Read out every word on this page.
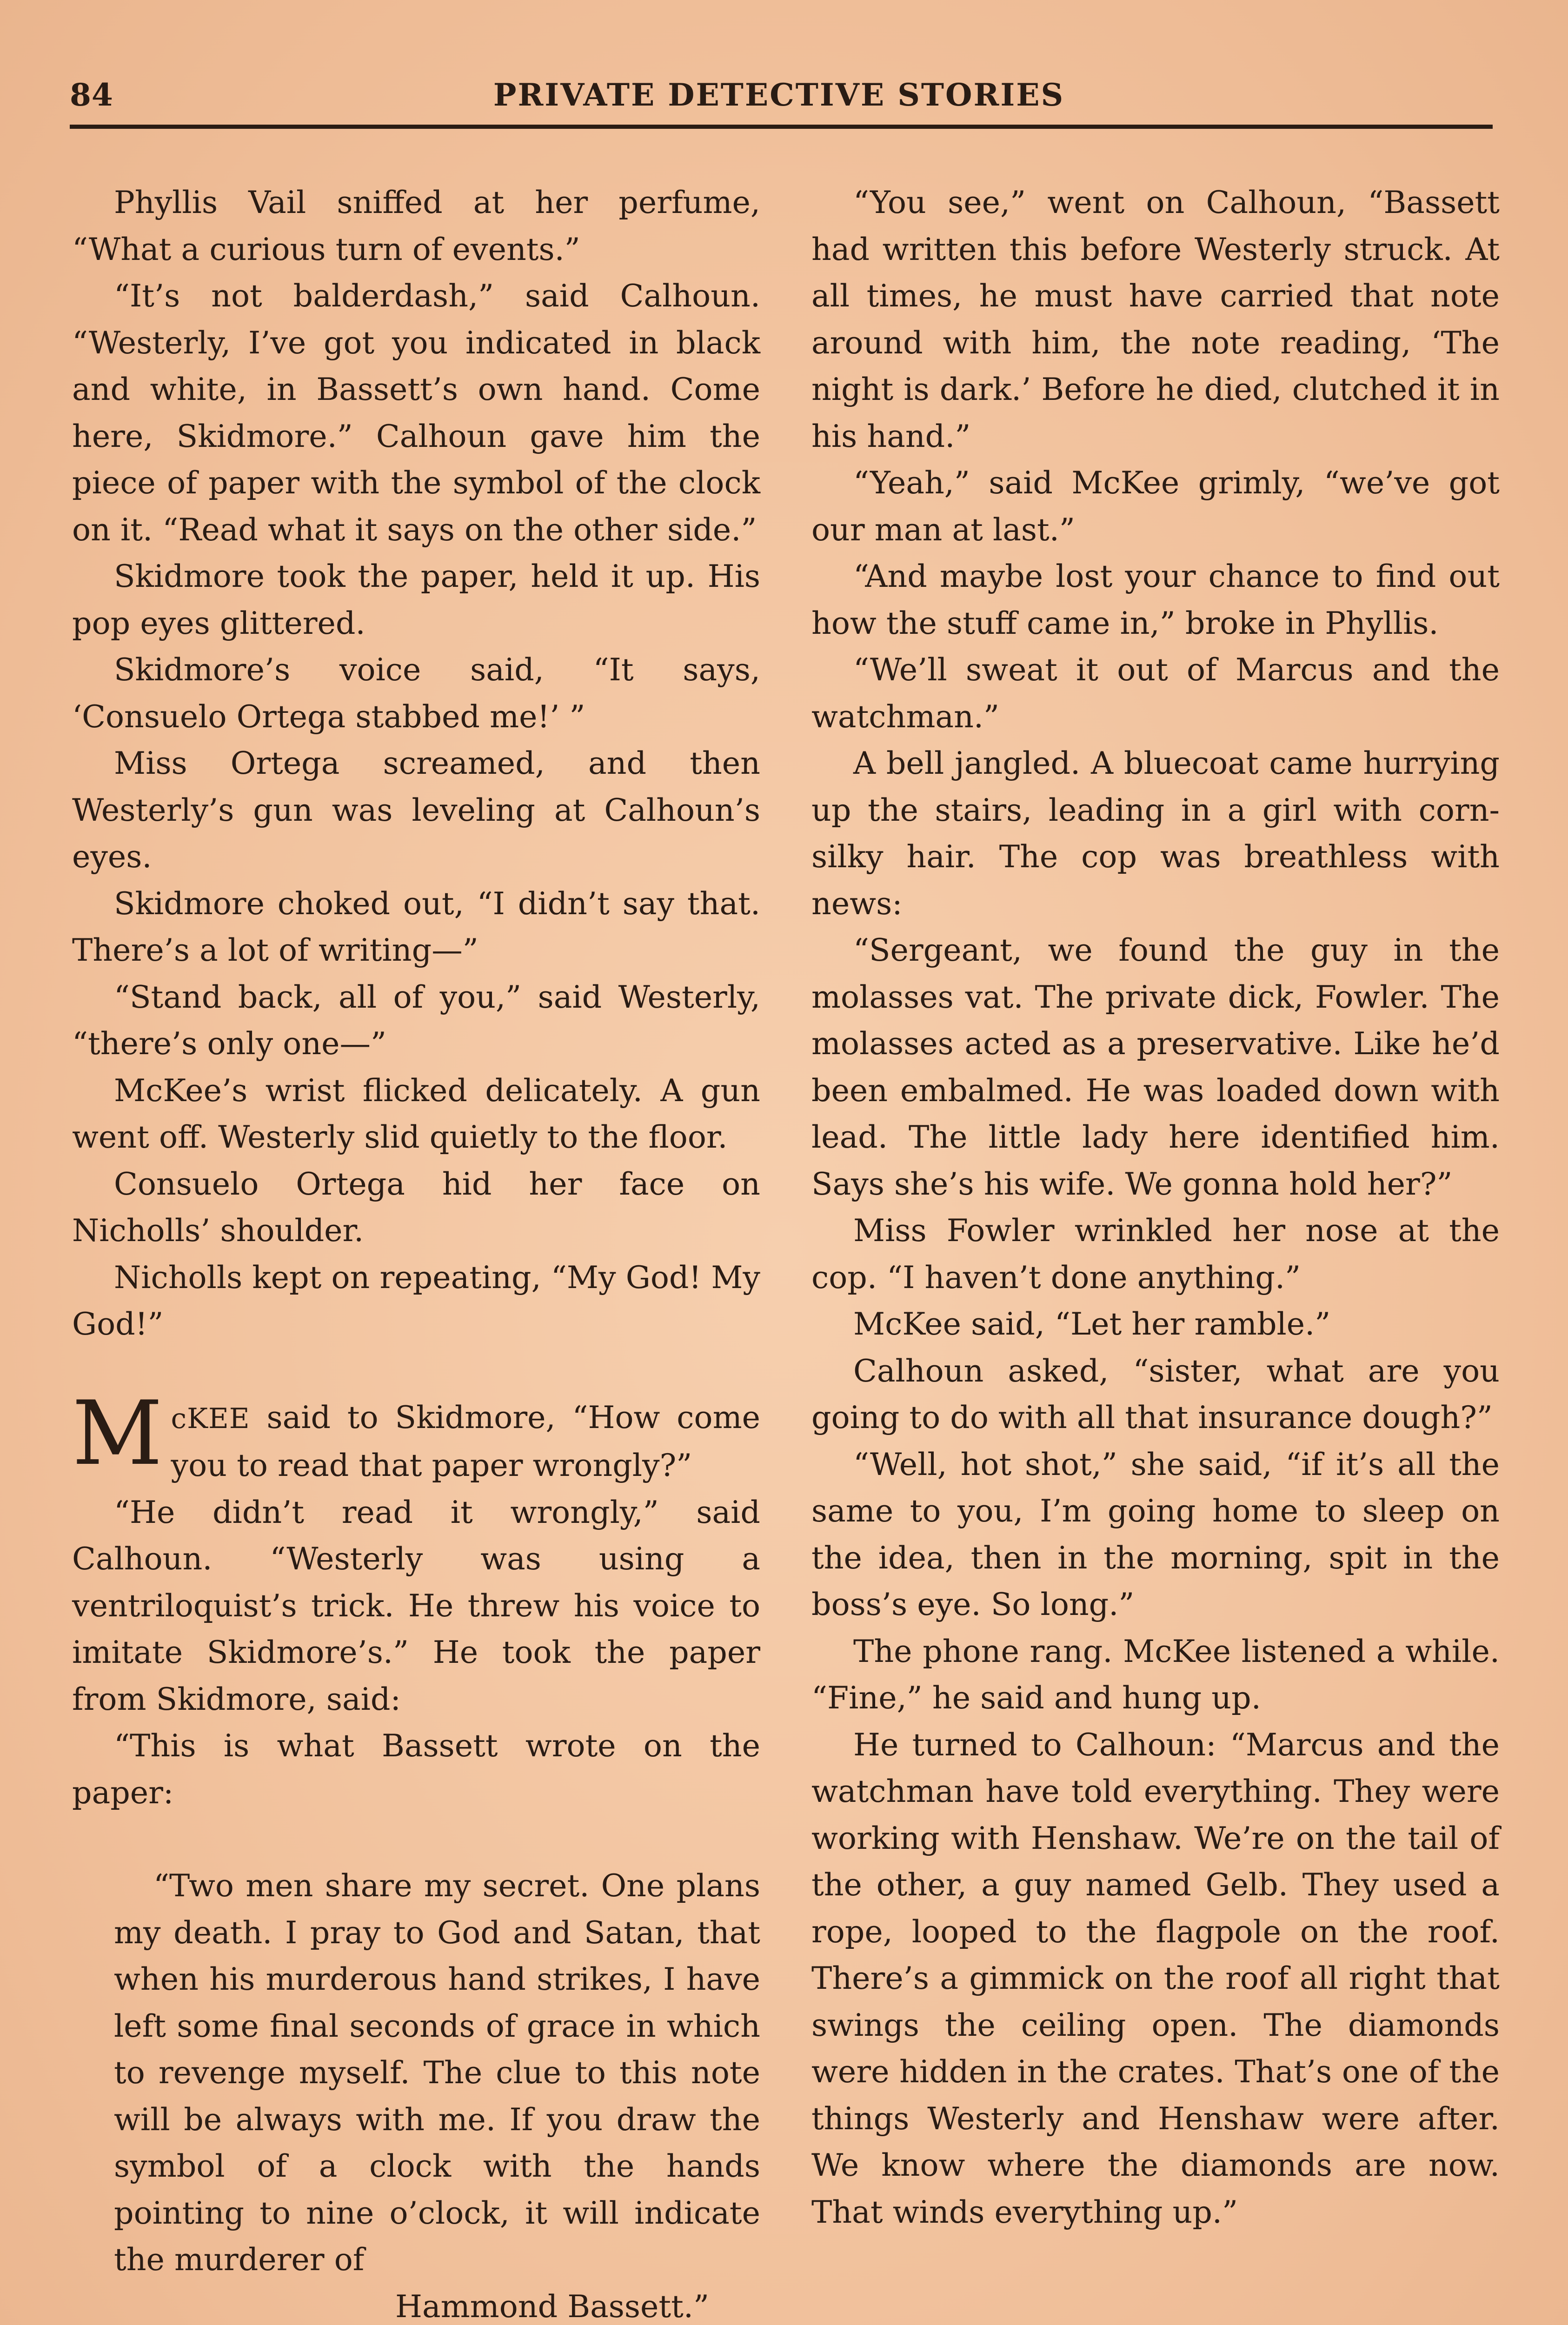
84	PRIVATE DETECTIVE STORIES

Phyllis Vail sniffed at her perfume, “What a curious turn of events.”

“It’s not balderdash,” said Calhoun. “Westerly, I’ve got you indicated in black and white, in Bassett’s own hand. Come here, Skidmore.” Calhoun gave him the piece of paper with the symbol of the clock on it. “Read what it says on the other side.”

Skidmore took the paper, held it up. His pop eyes glittered.

Skidmore’s voice said, “It says, ‘Consuelo Ortega stabbed me!’ ”

Miss Ortega screamed, and then Westerly’s gun was leveling at Calhoun’s eyes.

Skidmore choked out, “I didn’t say that. There’s a lot of writing—”

“Stand back, all of you,” said Westerly, “there’s only one—”

McKee’s wrist flicked delicately. A gun went off. Westerly slid quietly to the floor.

Consuelo Ortega hid her face on Nicholls’ shoulder.

Nicholls kept on repeating, “My God! My God!”

McKEE said to Skidmore, “How come you to read that paper wrongly?”

“He didn’t read it wrongly,” said Calhoun. “Westerly was using a ventriloquist’s trick. He threw his voice to imitate Skidmore’s.” He took the paper from Skidmore, said:

“This is what Bassett wrote on the paper:

“Two men share my secret. One plans my death. I pray to God and Satan, that when his murderous hand strikes, I have left some final seconds of grace in which to revenge myself. The clue to this note will be always with me. If you draw the symbol of a clock with the hands pointing to nine o’clock, it will indicate the murderer of

Hammond Bassett.”

“You see,” went on Calhoun, “Bassett had written this before Westerly struck. At all times, he must have carried that note around with him, the note reading, ‘The night is dark.’ Before he died, clutched it in his hand.”

“Yeah,” said McKee grimly, “we’ve got our man at last.”

“And maybe lost your chance to find out how the stuff came in,” broke in Phyllis.

“We’ll sweat it out of Marcus and the watchman.”

A bell jangled. A bluecoat came hurrying up the stairs, leading in a girl with corn-silky hair. The cop was breathless with news:

“Sergeant, we found the guy in the molasses vat. The private dick, Fowler. The molasses acted as a preservative. Like he’d been embalmed. He was loaded down with lead. The little lady here identified him. Says she’s his wife. We gonna hold her?”

Miss Fowler wrinkled her nose at the cop. “I haven’t done anything.”

McKee said, “Let her ramble.”

Calhoun asked, “sister, what are you going to do with all that insurance dough?”

“Well, hot shot,” she said, “if it’s all the same to you, I’m going home to sleep on the idea, then in the morning, spit in the boss’s eye. So long.”

The phone rang. McKee listened a while. “Fine,” he said and hung up.

He turned to Calhoun: “Marcus and the watchman have told everything. They were working with Henshaw. We’re on the tail of the other, a guy named Gelb. They used a rope, looped to the flagpole on the roof. There’s a gimmick on the roof all right that swings the ceiling open. The diamonds were hidden in the crates. That’s one of the things Westerly and Henshaw were after. We know where the diamonds are now. That winds everything up.”
